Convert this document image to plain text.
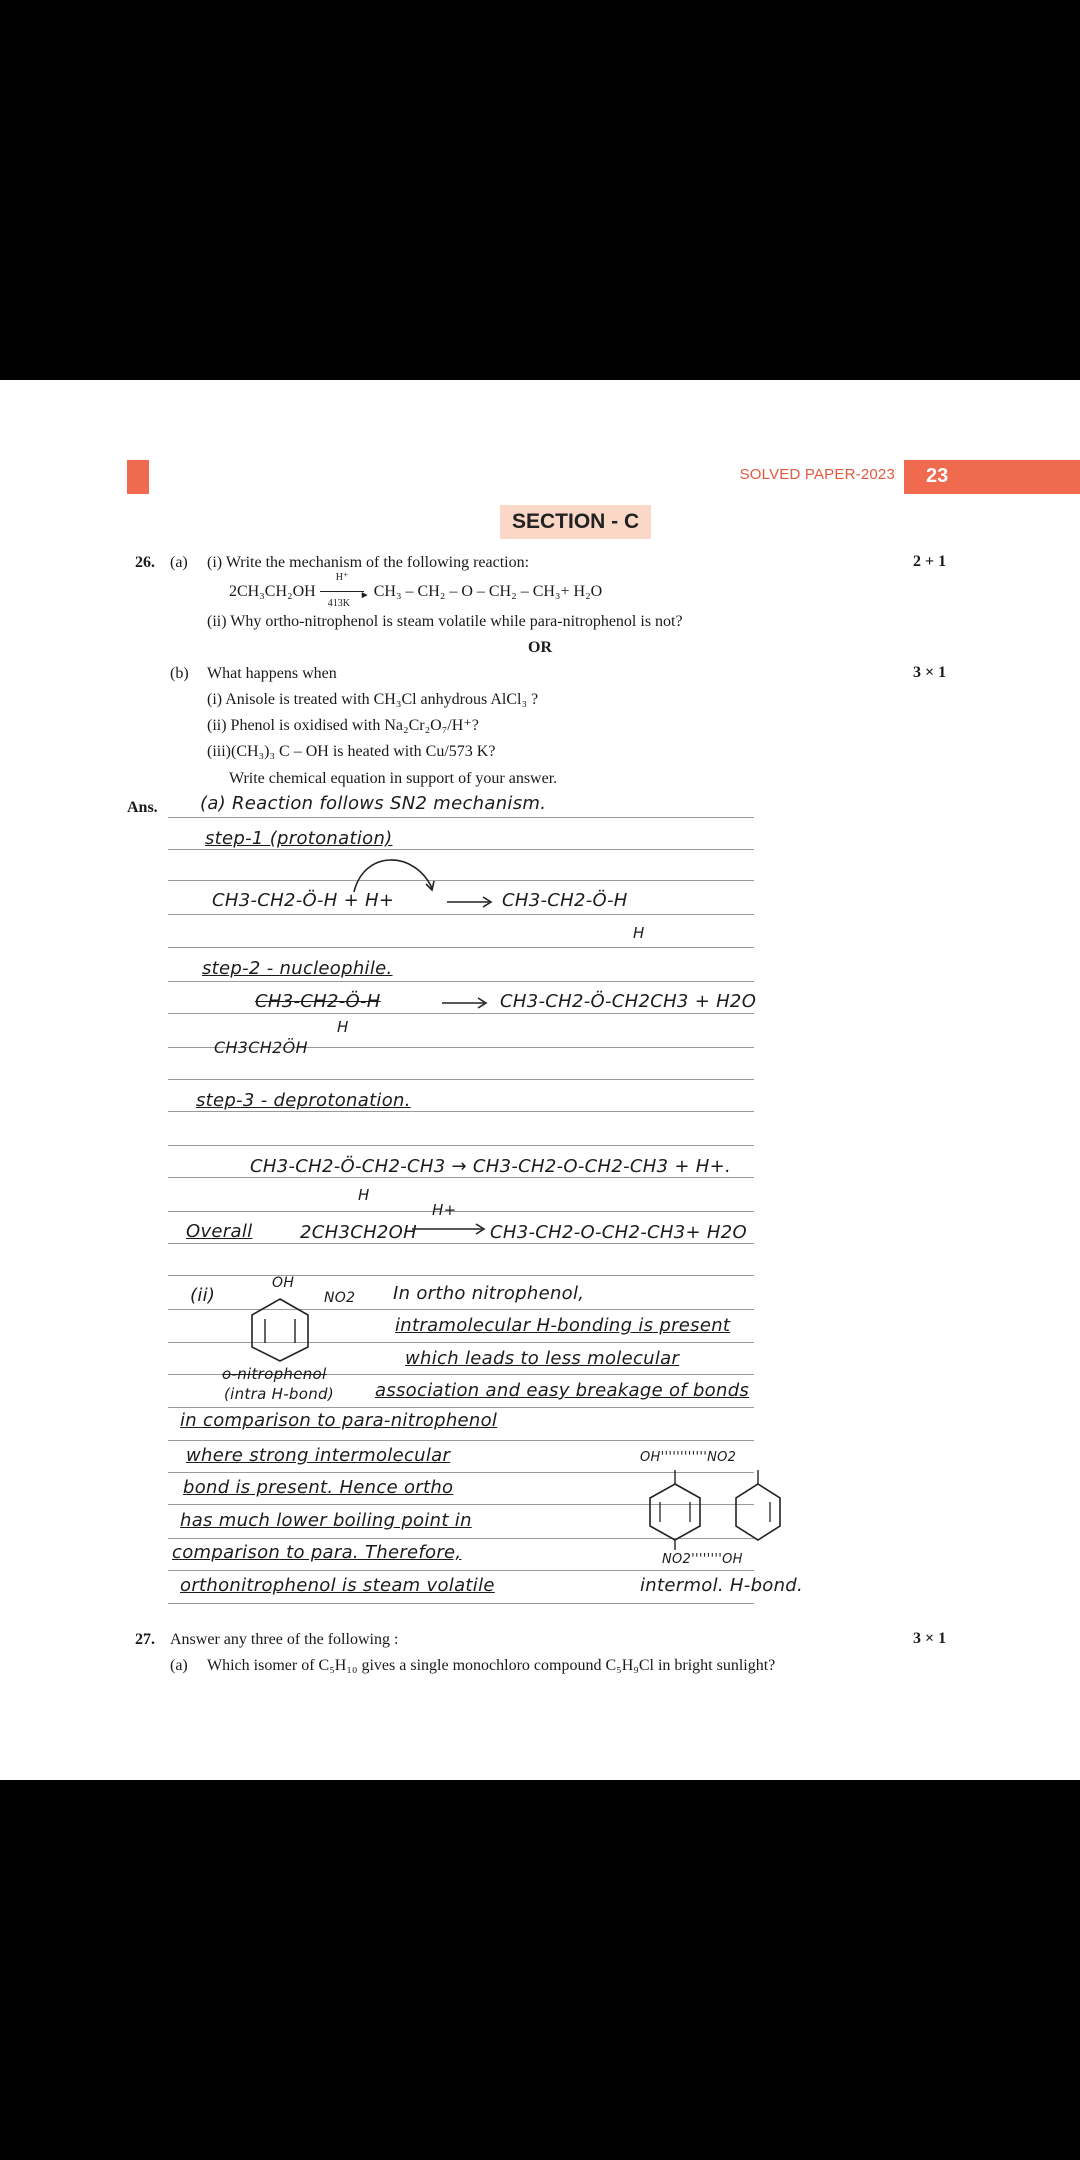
SOLVED PAPER-2023 23
SECTION - C
26. (a) (i) Write the mechanism of the following reaction:	2 + 1
2CH₃CH₂OH
H⁺
►
413K
CH₃ – CH₂ – O – CH₂ – CH₃+ H₂O
(ii) Why ortho-nitrophenol is steam volatile while para-nitrophenol is not?
OR
(b) What happens when	3 × 1
(i) Anisole is treated with CH₃Cl anhydrous AlCl₃ ?
(ii) Phenol is oxidised with Na₂Cr₂O₇/H⁺?
(iii)(CH₃)₃ C – OH is heated with Cu/573 K?
Write chemical equation in support of your answer.
Ans. (a) Reaction follows SN2 mechanism.
step-1 (protonation)
CH3-CH2-Ö-H + H+	→ CH3-CH2-Ö-H
H
step-2 - nucleophile.
CH3-CH2-Ö-H
H
→ CH3-CH2-Ö-CH2CH3 + H2O
CH3CH2ÖH
step-3 - deprotonation.
CH3-CH2-Ö-CH2-CH3 → CH3-CH2-O-CH2-CH3 + H+.
H
Overall	2CH3CH2OH
H+
CH3-CH2-O-CH2-CH3+ H2O
(ii)
OH
NO2 In ortho nitrophenol,
intramolecular H-bonding is present
which leads to less molecular
o-nitrophenol
(intra H-bond) association and easy breakage of bonds
in comparison to para-nitrophenol
where strong intermolecular
bond is present. Hence ortho
has much lower boiling point in
comparison to para. Therefore,
orthonitrophenol is steam volatile
OH''''''''''''NO2
NO2''''''''OH
intermol. H-bond.
27. Answer any three of the following :	3 × 1
(a) Which isomer of C₅H₁₀ gives a single monochloro compound C₅H₉Cl in bright sunlight?
